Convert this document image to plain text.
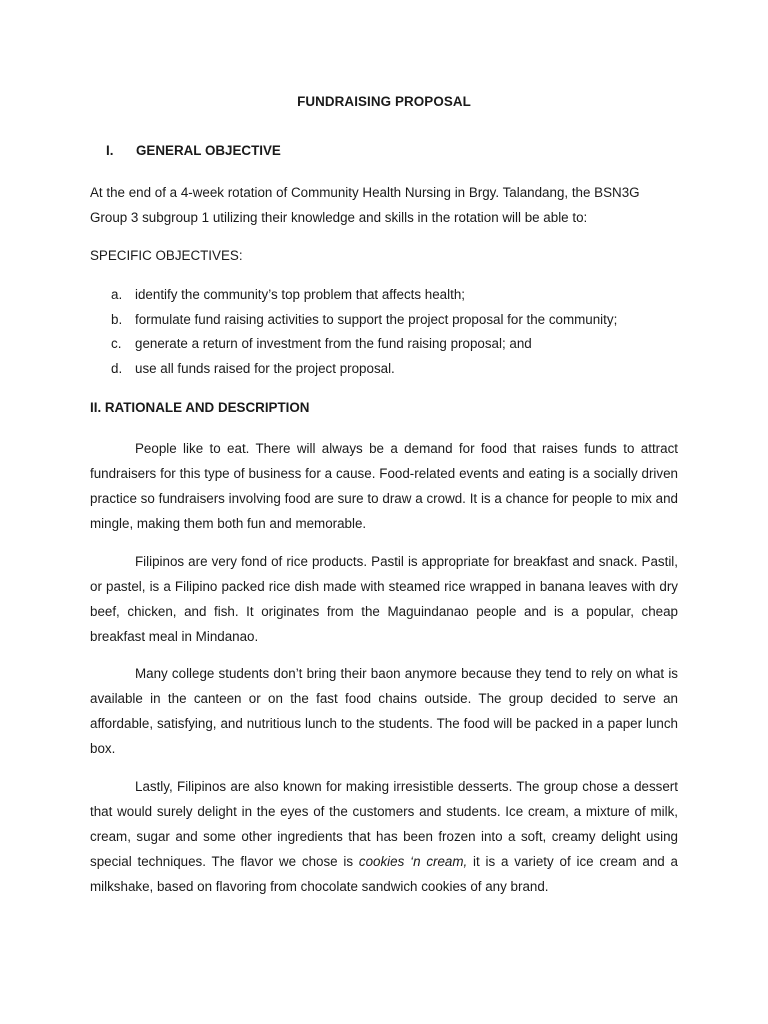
FUNDRAISING PROPOSAL
I. GENERAL OBJECTIVE

At the end of a 4-week rotation of Community Health Nursing in Brgy. Talandang, the BSN3G Group 3 subgroup 1 utilizing their knowledge and skills in the rotation will be able to:

SPECIFIC OBJECTIVES:

a. identify the community’s top problem that affects health;
b. formulate fund raising activities to support the project proposal for the community;
c. generate a return of investment from the fund raising proposal; and
d. use all funds raised for the project proposal.
II. RATIONALE AND DESCRIPTION

People like to eat. There will always be a demand for food that raises funds to attract fundraisers for this type of business for a cause. Food-related events and eating is a socially driven practice so fundraisers involving food are sure to draw a crowd. It is a chance for people to mix and mingle, making them both fun and memorable.

Filipinos are very fond of rice products. Pastil is appropriate for breakfast and snack. Pastil, or pastel, is a Filipino packed rice dish made with steamed rice wrapped in banana leaves with dry beef, chicken, and fish. It originates from the Maguindanao people and is a popular, cheap breakfast meal in Mindanao.

Many college students don’t bring their baon anymore because they tend to rely on what is available in the canteen or on the fast food chains outside. The group decided to serve an affordable, satisfying, and nutritious lunch to the students. The food will be packed in a paper lunch box.

Lastly, Filipinos are also known for making irresistible desserts. The group chose a dessert that would surely delight in the eyes of the customers and students. Ice cream, a mixture of milk, cream, sugar and some other ingredients that has been frozen into a soft, creamy delight using special techniques. The flavor we chose is cookies ‘n cream, it is a variety of ice cream and a milkshake, based on flavoring from chocolate sandwich cookies of any brand.
